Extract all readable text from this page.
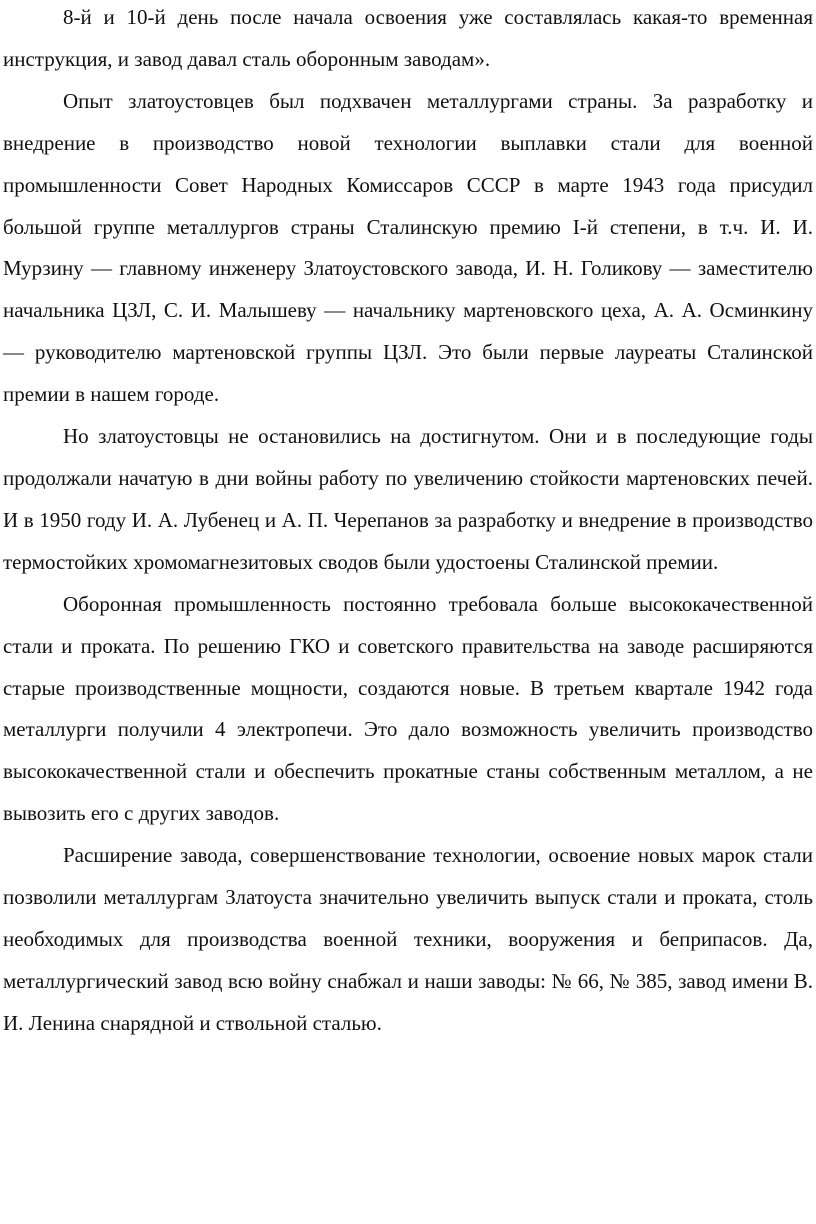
8-й и 10-й день после начала освоения уже составлялась какая-то временная инструкция, и завод давал сталь оборонным заводам».

Опыт златоустовцев был подхвачен металлургами страны. За разработку и внедрение в производство новой технологии выплавки стали для военной промышленности Совет Народных Комиссаров СССР в марте 1943 года присудил большой группе металлургов страны Сталинскую премию I-й степени, в т.ч. И. И. Мурзину — главному инженеру Златоустовского завода, И. Н. Голикову — заместителю начальника ЦЗЛ, С. И. Малышеву — начальнику мартеновского цеха, А. А. Осминкину — руководителю мартеновской группы ЦЗЛ. Это были первые лауреаты Сталинской премии в нашем городе.

Но златоустовцы не остановились на достигнутом. Они и в последующие годы продолжали начатую в дни войны работу по увеличению стойкости мартеновских печей. И в 1950 году И. А. Лубенец и А. П. Черепанов за разработку и внедрение в производство термостойких хромомагнезитовых сводов были удостоены Сталинской премии.

Оборонная промышленность постоянно требовала больше высококачественной стали и проката. По решению ГКО и советского правительства на заводе расширяются старые производственные мощности, создаются новые. В третьем квартале 1942 года металлурги получили 4 электропечи. Это дало возможность увеличить производство высококачественной стали и обеспечить прокатные станы собственным металлом, а не вывозить его с других заводов.

Расширение завода, совершенствование технологии, освоение новых марок стали позволили металлургам Златоуста значительно увеличить выпуск стали и проката, столь необходимых для производства военной техники, вооружения и беприпасов. Да, металлургический завод всю войну снабжал и наши заводы: № 66, № 385, завод имени В. И. Ленина снарядной и ствольной сталью.
